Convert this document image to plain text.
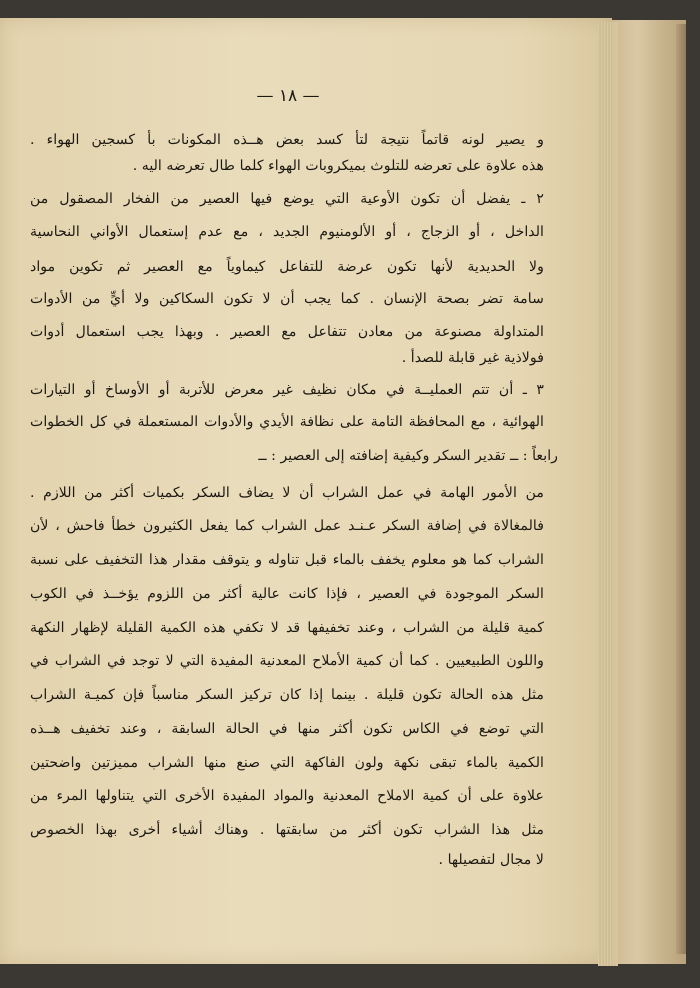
— ١٨ —
و يصير لونه قاتماً نتيجة لتأ كسد بعض هــذه المكونات بأ كسجين الهواء .
هذه علاوة على تعرضه للتلوث بميكروبات الهواء كلما طال تعرضه اليه .
٢ ـ يفضل أن تكون الأوعية التي يوضع فيها العصير من الفخار المصقول من
الداخل ، أو الزجاج ، أو الألومنيوم الجديد ، مع عدم إستعمال الأواني النحاسية
ولا الحديدية لأنها تكون عرضة للتفاعل كيماوياً مع العصير ثم تكوين مواد
سامة تضر بصحة الإنسان . كما يجب أن لا تكون السكاكين ولا أيٍّ من الأدوات
المتداولة مصنوعة من معادن تتفاعل مع العصير . وبهذا يجب استعمال أدوات
فولاذية غير قابلة للصدأ .
٣ ـ أن تتم العمليــة في مكان نظيف غير معرض للأتربة أو الأوساخ أو التيارات
الهوائية ، مع المحافظة التامة على نظافة الأيدي والأدوات المستعملة في كل الخطوات
رابعاً : ــ تقدير السكر وكيفية إضافته إلى العصير : ــ
من الأمور الهامة في عمل الشراب أن لا يضاف السكر بكميات أكثر من اللازم .
فالمغالاة في إضافة السكر عـنـد عمل الشراب كما يفعل الكثيرون خطأ فاحش ، لأن
الشراب كما هو معلوم يخفف بالماء قبل تناوله و يتوقف مقدار هذا التخفيف على نسبة
السكر الموجودة في العصير ، فإذا كانت عالية أكثر من اللزوم يؤخــذ في الكوب
كمية قليلة من الشراب ، وعند تخفيفها قد لا تكفي هذه الكمية القليلة لإظهار النكهة
واللون الطبيعيين . كما أن كمية الأملاح المعدنية المفيدة التي لا توجد في الشراب في
مثل هذه الحالة تكون قليلة . بينما إذا كان تركيز السكر مناسباً فإن كميـة الشراب
التي توضع في الكاس تكون أكثر منها في الحالة السابقة ، وعند تخفيف هــذه
الكمية بالماء تبقى نكهة ولون الفاكهة التي صنع منها الشراب مميزتين واضحتين
علاوة على أن كمية الاملاح المعدنية والمواد المفيدة الأخرى التي يتناولها المرء من
مثل هذا الشراب تكون أكثر من سابقتها . وهناك أشياء أخرى بهذا الخصوص
لا مجال لتفصيلها .
